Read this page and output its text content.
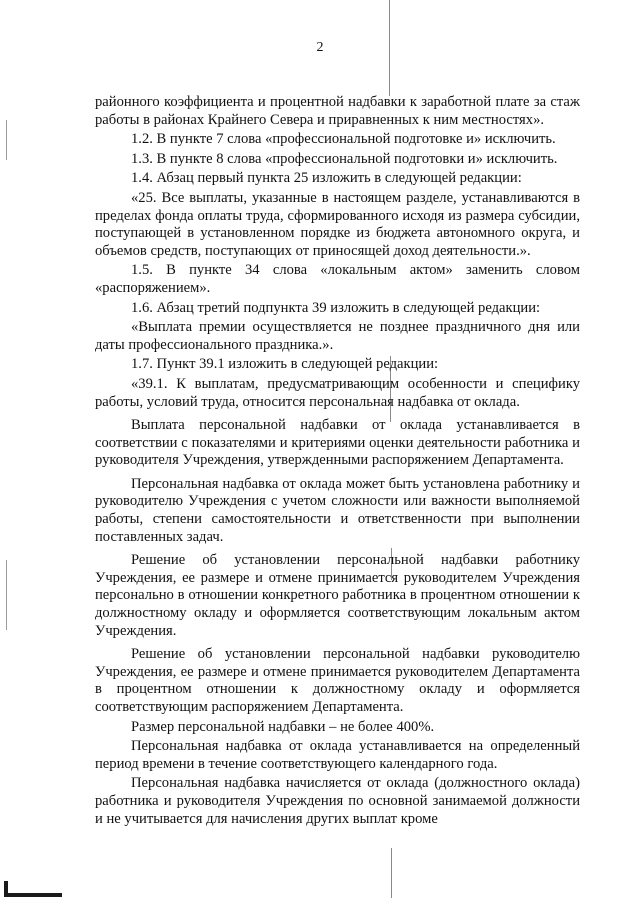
2

районного коэффициента и процентной надбавки к заработной плате за стаж работы в районах Крайнего Севера и приравненных к ним местностях».

1.2. В пункте 7 слова «профессиональной подготовке и» исключить.

1.3. В пункте 8 слова «профессиональной подготовки и» исключить.

1.4. Абзац первый пункта 25 изложить в следующей редакции:

«25. Все выплаты, указанные в настоящем разделе, устанавливаются в пределах фонда оплаты труда, сформированного исходя из размера субсидии, поступающей в установленном порядке из бюджета автономного округа, и объемов средств, поступающих от приносящей доход деятельности.».

1.5. В пункте 34 слова «локальным актом» заменить словом «распоряжением».

1.6. Абзац третий подпункта 39 изложить в следующей редакции:

«Выплата премии осуществляется не позднее праздничного дня или даты профессионального праздника.».

1.7. Пункт 39.1 изложить в следующей редакции:

«39.1. К выплатам, предусматривающим особенности и специфику работы, условий труда, относится персональная надбавка от оклада.

Выплата персональной надбавки от оклада устанавливается в соответствии с показателями и критериями оценки деятельности работника и руководителя Учреждения, утвержденными распоряжением Департамента.

Персональная надбавка от оклада может быть установлена работнику и руководителю Учреждения с учетом сложности или важности выполняемой работы, степени самостоятельности и ответственности при выполнении поставленных задач.

Решение об установлении персональной надбавки работнику Учреждения, ее размере и отмене принимается руководителем Учреждения персонально в отношении конкретного работника в процентном отношении к должностному окладу и оформляется соответствующим локальным актом Учреждения.

Решение об установлении персональной надбавки руководителю Учреждения, ее размере и отмене принимается руководителем Департамента в процентном отношении к должностному окладу и оформляется соответствующим распоряжением Департамента.

Размер персональной надбавки – не более 400%.

Персональная надбавка от оклада устанавливается на определенный период времени в течение соответствующего календарного года.

Персональная надбавка начисляется от оклада (должностного оклада) работника и руководителя Учреждения по основной занимаемой должности и не учитывается для начисления других выплат кроме
